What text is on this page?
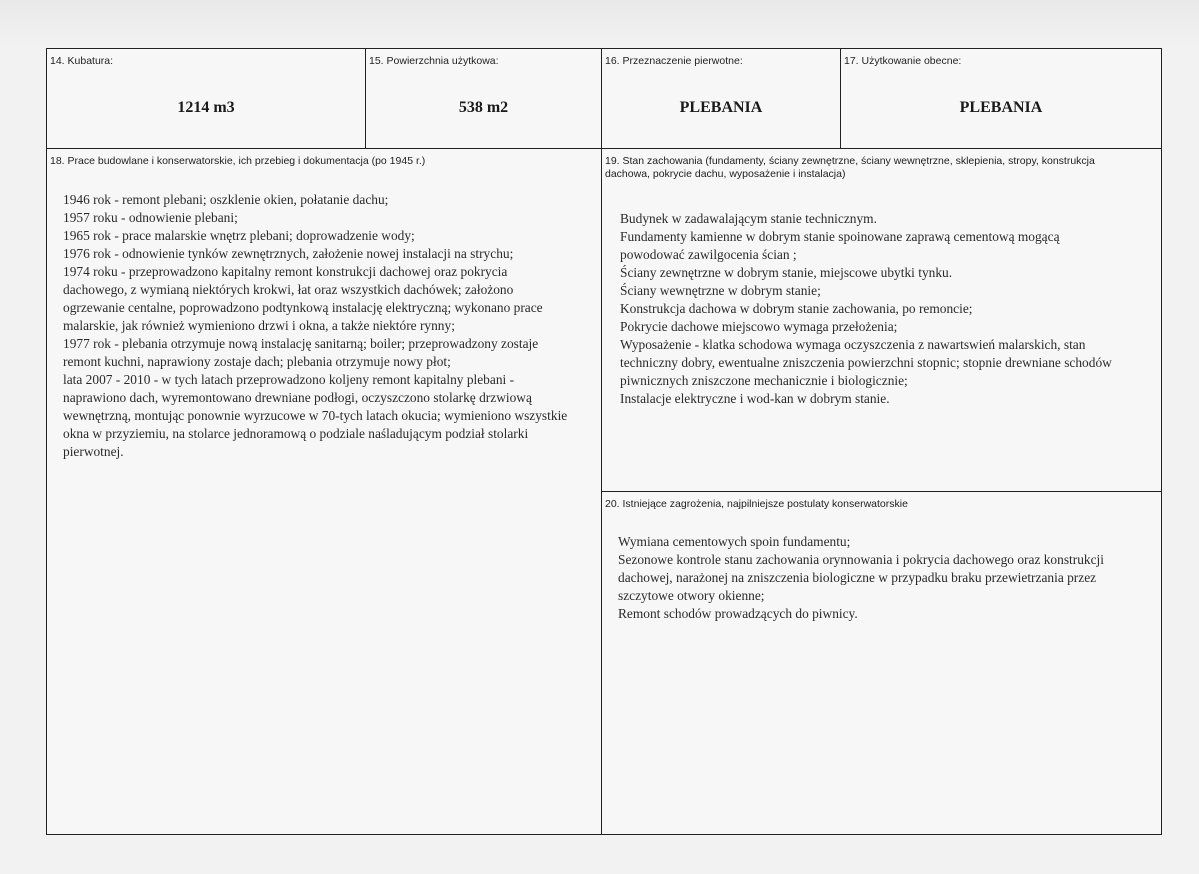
14. Kubatura:
1214 m3
15. Powierzchnia użytkowa:
538 m2
16. Przeznaczenie pierwotne:
PLEBANIA
17. Użytkowanie obecne:
PLEBANIA
18. Prace budowlane i konserwatorskie, ich przebieg i dokumentacja (po 1945 r.)
1946 rok - remont plebani; oszklenie okien, połatanie dachu;
1957 roku - odnowienie plebani;
1965 rok - prace malarskie wnętrz plebani; doprowadzenie wody;
1976 rok - odnowienie tynków zewnętrznych, założenie nowej instalacji na strychu;
1974 roku - przeprowadzono kapitalny remont konstrukcji dachowej oraz pokrycia
dachowego, z wymianą niektórych krokwi, łat oraz wszystkich dachówek; założono
ogrzewanie centalne, poprowadzono podtynkową instalację elektryczną; wykonano prace
malarskie, jak również wymieniono drzwi i okna, a także niektóre rynny;
1977 rok - plebania otrzymuje nową instalację sanitarną; boiler; przeprowadzony zostaje
remont kuchni, naprawiony zostaje dach; plebania otrzymuje nowy płot;
lata 2007 - 2010 - w tych latach przeprowadzono koljeny remont kapitalny plebani -
naprawiono dach, wyremontowano drewniane podłogi, oczyszczono stolarkę drzwiową
wewnętrzną, montując ponownie wyrzucowe w 70-tych latach okucia; wymieniono wszystkie
okna w przyziemiu, na stolarce jednoramową o podziale naśladującym podział stolarki
pierwotnej.
19. Stan zachowania (fundamenty, ściany zewnętrzne, ściany wewnętrzne, sklepienia, stropy, konstrukcja
dachowa, pokrycie dachu, wyposażenie i instalacja)
Budynek w zadawalającym stanie technicznym.
Fundamenty kamienne w dobrym stanie spoinowane zaprawą cementową mogącą
powodować zawilgocenia ścian ;
Ściany zewnętrzne w dobrym stanie, miejscowe ubytki tynku.
Ściany wewnętrzne w dobrym stanie;
Konstrukcja dachowa w dobrym stanie zachowania, po remoncie;
Pokrycie dachowe miejscowo wymaga przełożenia;
Wyposażenie - klatka schodowa wymaga oczyszczenia z nawartswień malarskich, stan
techniczny dobry, ewentualne zniszczenia powierzchni stopnic; stopnie drewniane schodów
piwnicznych zniszczone mechanicznie i biologicznie;
Instalacje elektryczne i wod-kan w dobrym stanie.
20. Istniejące zagrożenia, najpilniejsze postulaty konserwatorskie
Wymiana cementowych spoin fundamentu;
Sezonowe kontrole stanu zachowania orynnowania i pokrycia dachowego oraz konstrukcji
dachowej, narażonej na zniszczenia biologiczne w przypadku braku przewietrzania przez
szczytowe otwory okienne;
Remont schodów prowadzących do piwnicy.
